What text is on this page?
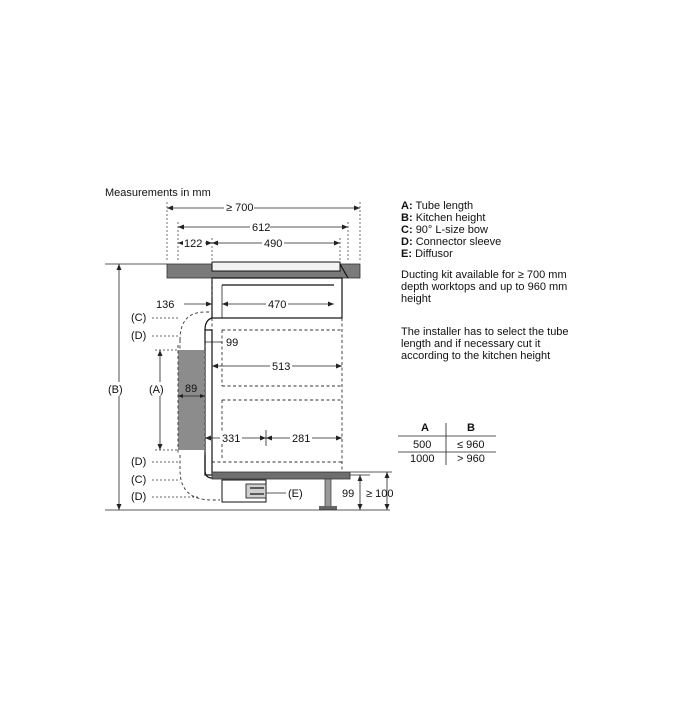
Measurements in mm
≥ 700
612
122	490
136	470
99
513
89
331	281
(E)	99 ≥ 100
(B) (A)
(C)
(D)
(D)
(C)
(D)
A: Tube length
B: Kitchen height
C: 90° L-size bow
D: Connector sleeve
E: Diffusor
Ducting kit available for ≥ 700 mm
depth worktops and up to 960 mm
height
The installer has to select the tube
length and if necessary cut it
according to the kitchen height
A	B
500 ≤ 960
1000 > 960
